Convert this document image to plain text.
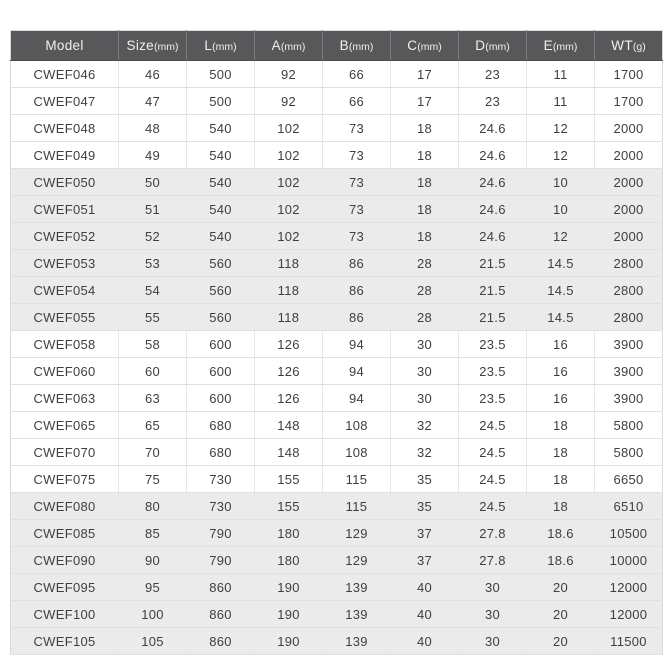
Model	Size(mm)	L(mm)	A(mm)	B(mm)	C(mm)	D(mm)	E(mm)	WT(g)
CWEF046	46	500	92	66	17	23	11	1700
CWEF047	47	500	92	66	17	23	11	1700
CWEF048	48	540	102	73	18	24.6	12	2000
CWEF049	49	540	102	73	18	24.6	12	2000
CWEF050	50	540	102	73	18	24.6	10	2000
CWEF051	51	540	102	73	18	24.6	10	2000
CWEF052	52	540	102	73	18	24.6	12	2000
CWEF053	53	560	118	86	28	21.5	14.5	2800
CWEF054	54	560	118	86	28	21.5	14.5	2800
CWEF055	55	560	118	86	28	21.5	14.5	2800
CWEF058	58	600	126	94	30	23.5	16	3900
CWEF060	60	600	126	94	30	23.5	16	3900
CWEF063	63	600	126	94	30	23.5	16	3900
CWEF065	65	680	148	108	32	24.5	18	5800
CWEF070	70	680	148	108	32	24.5	18	5800
CWEF075	75	730	155	115	35	24.5	18	6650
CWEF080	80	730	155	115	35	24.5	18	6510
CWEF085	85	790	180	129	37	27.8	18.6	10500
CWEF090	90	790	180	129	37	27.8	18.6	10000
CWEF095	95	860	190	139	40	30	20	12000
CWEF100	100	860	190	139	40	30	20	12000
CWEF105	105	860	190	139	40	30	20	11500
